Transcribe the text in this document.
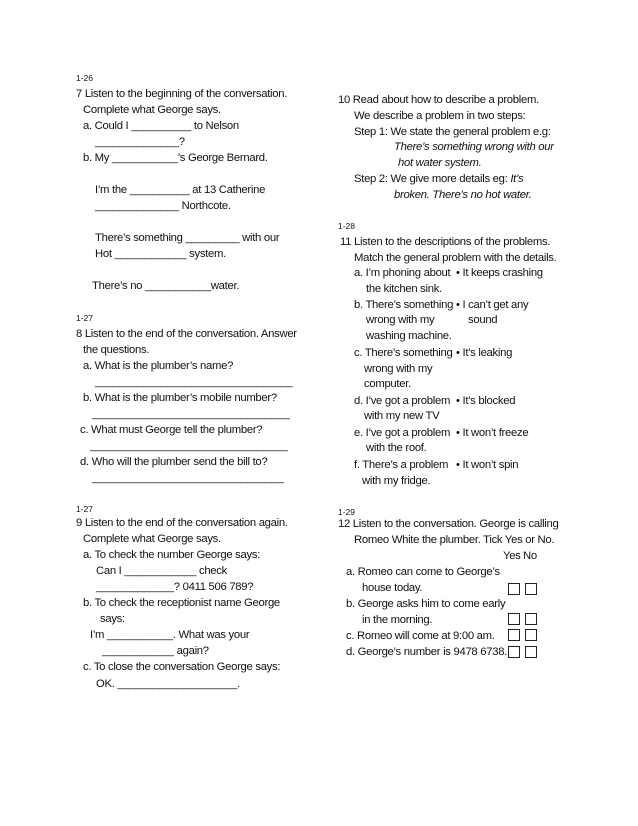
1-26
7 Listen to the beginning of the conversation.
Complete what George says.
a. Could I __________ to Nelson
______________?
b. My ___________’s George Bernard.
I’m the __________ at 13 Catherine
______________ Northcote.
There’s something _________ with our
Hot ____________ system.
There’s no ___________water.
1-27
8 Listen to the end of the conversation. Answer
the questions.
a. What is the plumber’s name?
_________________________________
b. What is the plumber’s mobile number?
_________________________________
c. What must George tell the plumber?
_________________________________
d. Who will the plumber send the bill to?
________________________________
1-27
9 Listen to the end of the conversation again.
Complete what George says.
a. To check the number George says:
Can I ____________ check
_____________? 0411 506 789?
b. To check the receptionist name George
says:
I’m ___________. What was your
____________ again?
c. To close the conversation George says:
OK. ____________________.
10 Read about how to describe a problem.
We describe a problem in two steps:
Step 1: We state the general problem e.g:
There’s something wrong with our
hot water system.
Step 2: We give more details eg: It’s
broken. There’s no hot water.
1-28
11 Listen to the descriptions of the problems.
Match the general problem with the details.
a. I’m phoning about
the kitchen sink.
• It keeps crashing
b. There’s something
wrong with my
washing machine.
• I can’t get any
sound
c. There’s something
wrong with my
computer.
• It’s leaking
d. I’ve got a problem
with my new TV
• It’s blocked
e. I’ve got a problem
with the roof.
• It won’t freeze
f. There’s a problem
with my fridge.
• It won’t spin
1-29
12 Listen to the conversation. George is calling
Romeo White the plumber. Tick Yes or No.
Yes No
a. Romeo can come to George’s
house today.
b. George asks him to come early
in the morning.
c. Romeo will come at 9:00 am.
d. George’s number is 9478 6738.
